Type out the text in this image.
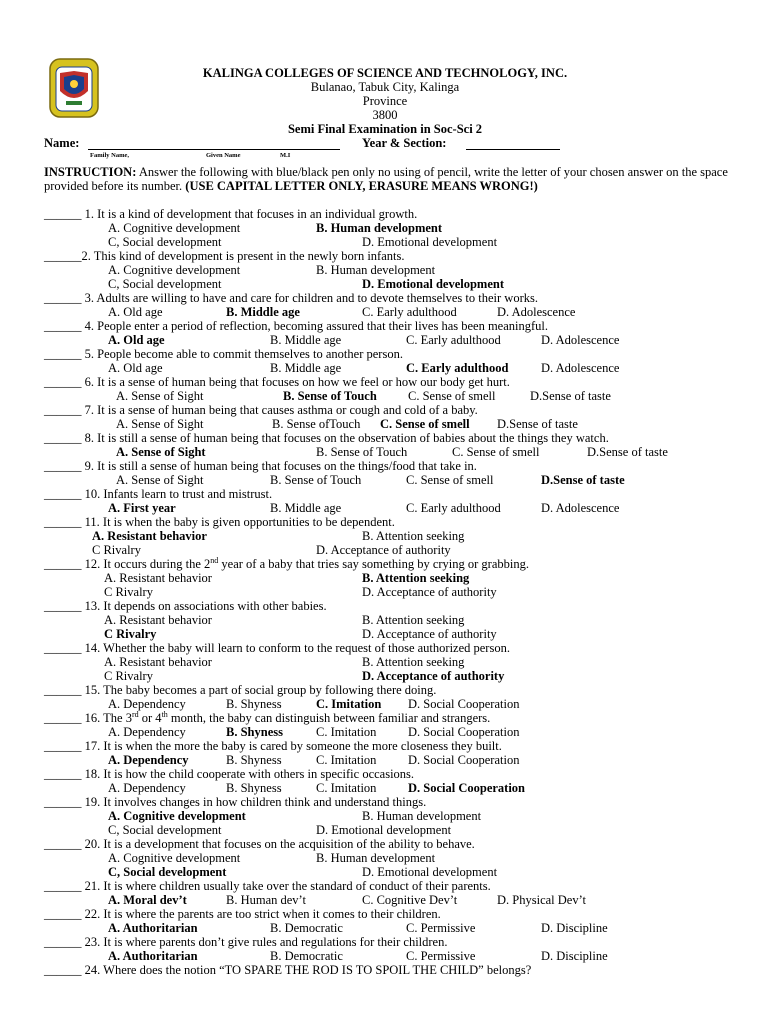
KALINGA COLLEGES OF SCIENCE AND TECHNOLOGY, INC.
Bulanao, Tabuk City, Kalinga
Province
3800
Semi Final Examination in Soc-Sci 2
Name:	Year & Section:
Family Name,	Given Name	M.I
INSTRUCTION: Answer the following with blue/black pen only no using of pencil, write the letter of your chosen answer on the space provided before its number. (USE CAPITAL LETTER ONLY, ERASURE MEANS WRONG!)
______ 1. It is a kind of development that focuses in an individual growth.
A. Cognitive development	B. Human development
C, Social development	D. Emotional development
______2. This kind of development is present in the newly born infants.
A. Cognitive development	B. Human development
C, Social development	D. Emotional development
______ 3. Adults are willing to have and care for children and to devote themselves to their works.
A. Old age	B. Middle age	C. Early adulthood	D. Adolescence
______ 4. People enter a period of reflection, becoming assured that their lives has been meaningful.
A. Old age	B. Middle age	C. Early adulthood	D. Adolescence
______ 5. People become able to commit themselves to another person.
A. Old age	B. Middle age	C. Early adulthood	D. Adolescence
______ 6. It is a sense of human being that focuses on how we feel or how our body get hurt.
A. Sense of Sight	B. Sense of Touch C. Sense of smell	D.Sense of taste
______ 7. It is a sense of human being that causes asthma or cough and cold of a baby.
A. Sense of Sight	B. Sense ofTouch C. Sense of smell D.Sense of taste
______ 8. It is still a sense of human being that focuses on the observation of babies about the things they watch.
A. Sense of Sight	B. Sense of Touch	C. Sense of smell	D.Sense of taste
______ 9. It is still a sense of human being that focuses on the things/food that take in.
A. Sense of Sight	B. Sense of Touch	C. Sense of smell	D.Sense of taste
______ 10. Infants learn to trust and mistrust.
A. First year	B. Middle age	C. Early adulthood	D. Adolescence
______ 11. It is when the baby is given opportunities to be dependent.
A. Resistant behavior	B. Attention seeking
C Rivalry	D. Acceptance of authority
______ 12. It occurs during the 2nd year of a baby that tries say something by crying or grabbing.
A. Resistant behavior	B. Attention seeking
C Rivalry	D. Acceptance of authority
______ 13. It depends on associations with other babies.
A. Resistant behavior	B. Attention seeking
C Rivalry	D. Acceptance of authority
______ 14. Whether the baby will learn to conform to the request of those authorized person.
A. Resistant behavior	B. Attention seeking
C Rivalry	D. Acceptance of authority
______ 15. The baby becomes a part of social group by following there doing.
A. Dependency	B. Shyness	C. Imitation D. Social Cooperation
______ 16. The 3rd or 4th month, the baby can distinguish between familiar and strangers.
A. Dependency	B. Shyness	C. Imitation	D. Social Cooperation
______ 17. It is when the more the baby is cared by someone the more closeness they built.
A. Dependency	B. Shyness	C. Imitation	D. Social Cooperation
______ 18. It is how the child cooperate with others in specific occasions.
A. Dependency	B. Shyness	C. Imitation	D. Social Cooperation
______ 19. It involves changes in how children think and understand things.
A. Cognitive development	B. Human development
C, Social development	D. Emotional development
______ 20. It is a development that focuses on the acquisition of the ability to behave.
A. Cognitive development	B. Human development
C, Social development	D. Emotional development
______ 21. It is where children usually take over the standard of conduct of their parents.
A. Moral dev’t	B. Human dev’t	C. Cognitive Dev’t	D. Physical Dev’t
______ 22. It is where the parents are too strict when it comes to their children.
A. Authoritarian	B. Democratic	C. Permissive	D. Discipline
______ 23. It is where parents don’t give rules and regulations for their children.
A. Authoritarian	B. Democratic	C. Permissive	D. Discipline
______ 24. Where does the notion “TO SPARE THE ROD IS TO SPOIL THE CHILD” belongs?
